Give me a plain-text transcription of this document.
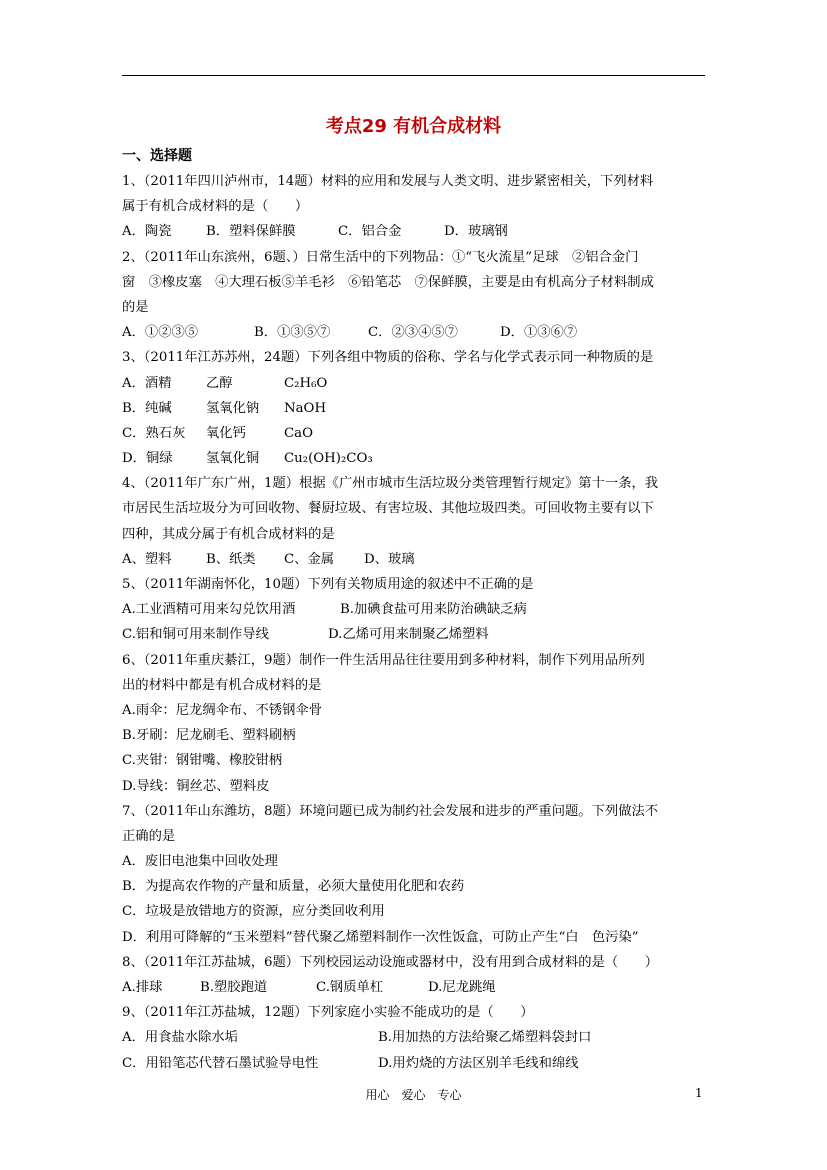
考点29 有机合成材料
一、选择题
1、（2011年四川泸州市，14题）材料的应用和发展与人类文明、进步紧密相关，下列材料
属于有机合成材料的是（　　）
A．陶瓷	B．塑料保鲜膜	C．铝合金	D．玻璃钢
2、（2011年山东滨州，6题、）日常生活中的下列物品：①“飞火流星”足球　②铝合金门
窗　③橡皮塞　④大理石板⑤羊毛衫　⑥铅笔芯　⑦保鲜膜，主要是由有机高分子材料制成
的是
A．①②③⑤	B．①③⑤⑦	C．②③④⑤⑦	D．①③⑥⑦
3、（2011年江苏苏州，24题）下列各组中物质的俗称、学名与化学式表示同一种物质的是
A．酒精	乙醇	C₂H₆O
B．纯碱	氢氧化钠 NaOH
C．熟石灰 氧化钙	CaO
D．铜绿	氢氧化铜 Cu₂(OH)₂CO₃
4、（2011年广东广州，1题）根据《广州市城市生活垃圾分类管理暂行规定》第十一条，我
市居民生活垃圾分为可回收物、餐厨垃圾、有害垃圾、其他垃圾四类。可回收物主要有以下
四种，其成分属于有机合成材料的是
A、塑料	B、纸类 C、金属 D、玻璃
5、（2011年湖南怀化，10题）下列有关物质用途的叙述中不正确的是
A.工业酒精可用来勾兑饮用酒	B.加碘食盐可用来防治碘缺乏病
C.铝和铜可用来制作导线	D.乙烯可用来制聚乙烯塑料
6、（2011年重庆綦江，9题）制作一件生活用品往往要用到多种材料，制作下列用品所列
出的材料中都是有机合成材料的是
A.雨伞：尼龙绸伞布、不锈钢伞骨
B.牙刷：尼龙刷毛、塑料刷柄
C.夹钳：钢钳嘴、橡胶钳柄
D.导线：铜丝芯、塑料皮
7、（2011年山东潍坊，8题）环境问题已成为制约社会发展和进步的严重问题。下列做法不
正确的是
A．废旧电池集中回收处理
B．为提高农作物的产量和质量，必须大量使用化肥和农药
C．垃圾是放错地方的资源，应分类回收利用
D．利用可降解的“玉米塑料”替代聚乙烯塑料制作一次性饭盒，可防止产生“白　色污染”
8、（2011年江苏盐城，6题）下列校园运动设施或器材中，没有用到合成材料的是（　　）
A.排球	B.塑胶跑道	C.钢质单杠	D.尼龙跳绳
9、（2011年江苏盐城，12题）下列家庭小实验不能成功的是（　　）
A．用食盐水除水垢	B.用加热的方法给聚乙烯塑料袋封口
C．用铅笔芯代替石墨试验导电性	D.用灼烧的方法区别羊毛线和绵线
用心　爱心　专心	1
